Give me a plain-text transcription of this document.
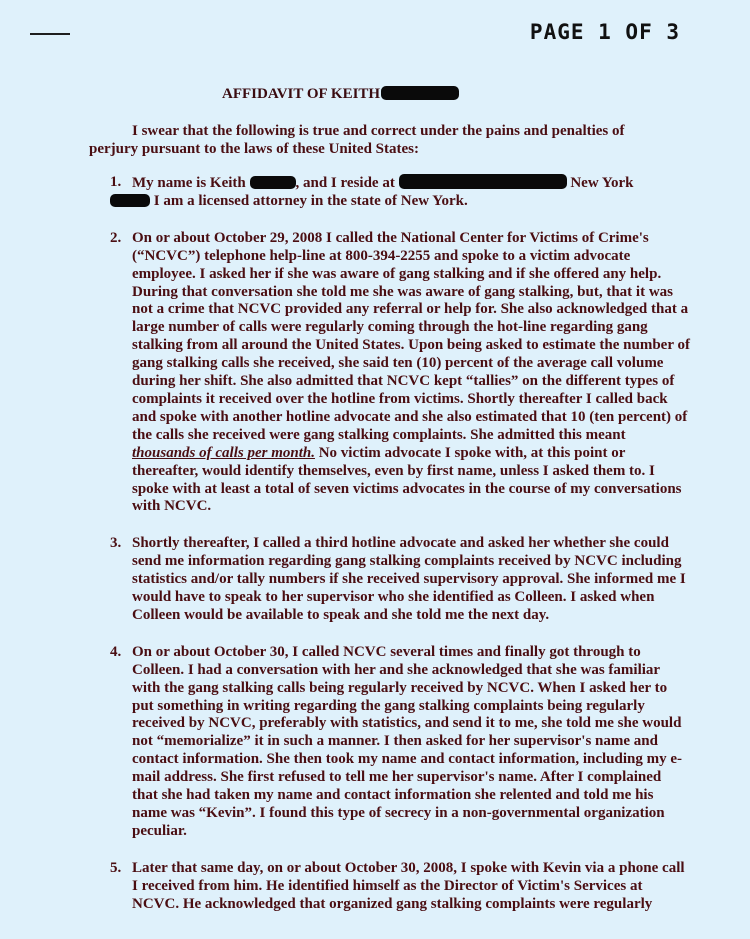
PAGE 1 OF 3
AFFIDAVIT OF KEITH
I swear that the following is true and correct under the pains and penalties of perjury pursuant to the laws of these United States:
1. My name is Keith	, and I reside at	New York
I am a licensed attorney in the state of New York.

2. On or about October 29, 2008 I called the National Center for Victims of Crime's (“NCVC”) telephone help-line at 800-394-2255 and spoke to a victim advocate employee. I asked her if she was aware of gang stalking and if she offered any help. During that conversation she told me she was aware of gang stalking, but, that it was not a crime that NCVC provided any referral or help for. She also acknowledged that a large number of calls were regularly coming through the hot-line regarding gang stalking from all around the United States. Upon being asked to estimate the number of gang stalking calls she received, she said ten (10) percent of the average call volume during her shift. She also admitted that NCVC kept “tallies” on the different types of complaints it received over the hotline from victims. Shortly thereafter I called back and spoke with another hotline advocate and she also estimated that 10 (ten percent) of the calls she received were gang stalking complaints. She admitted this meant thousands of calls per month. No victim advocate I spoke with, at this point or thereafter, would identify themselves, even by first name, unless I asked them to. I spoke with at least a total of seven victims advocates in the course of my conversations with NCVC.

3. Shortly thereafter, I called a third hotline advocate and asked her whether she could send me information regarding gang stalking complaints received by NCVC including statistics and/or tally numbers if she received supervisory approval. She informed me I would have to speak to her supervisor who she identified as Colleen. I asked when Colleen would be available to speak and she told me the next day.

4. On or about October 30, I called NCVC several times and finally got through to Colleen. I had a conversation with her and she acknowledged that she was familiar with the gang stalking calls being regularly received by NCVC. When I asked her to put something in writing regarding the gang stalking complaints being regularly received by NCVC, preferably with statistics, and send it to me, she told me she would not “memorialize” it in such a manner. I then asked for her supervisor's name and contact information. She then took my name and contact information, including my e-mail address. She first refused to tell me her supervisor's name. After I complained that she had taken my name and contact information she relented and told me his name was “Kevin”. I found this type of secrecy in a non-governmental organization peculiar.

5. Later that same day, on or about October 30, 2008, I spoke with Kevin via a phone call I received from him. He identified himself as the Director of Victim's Services at NCVC. He acknowledged that organized gang stalking complaints were regularly
